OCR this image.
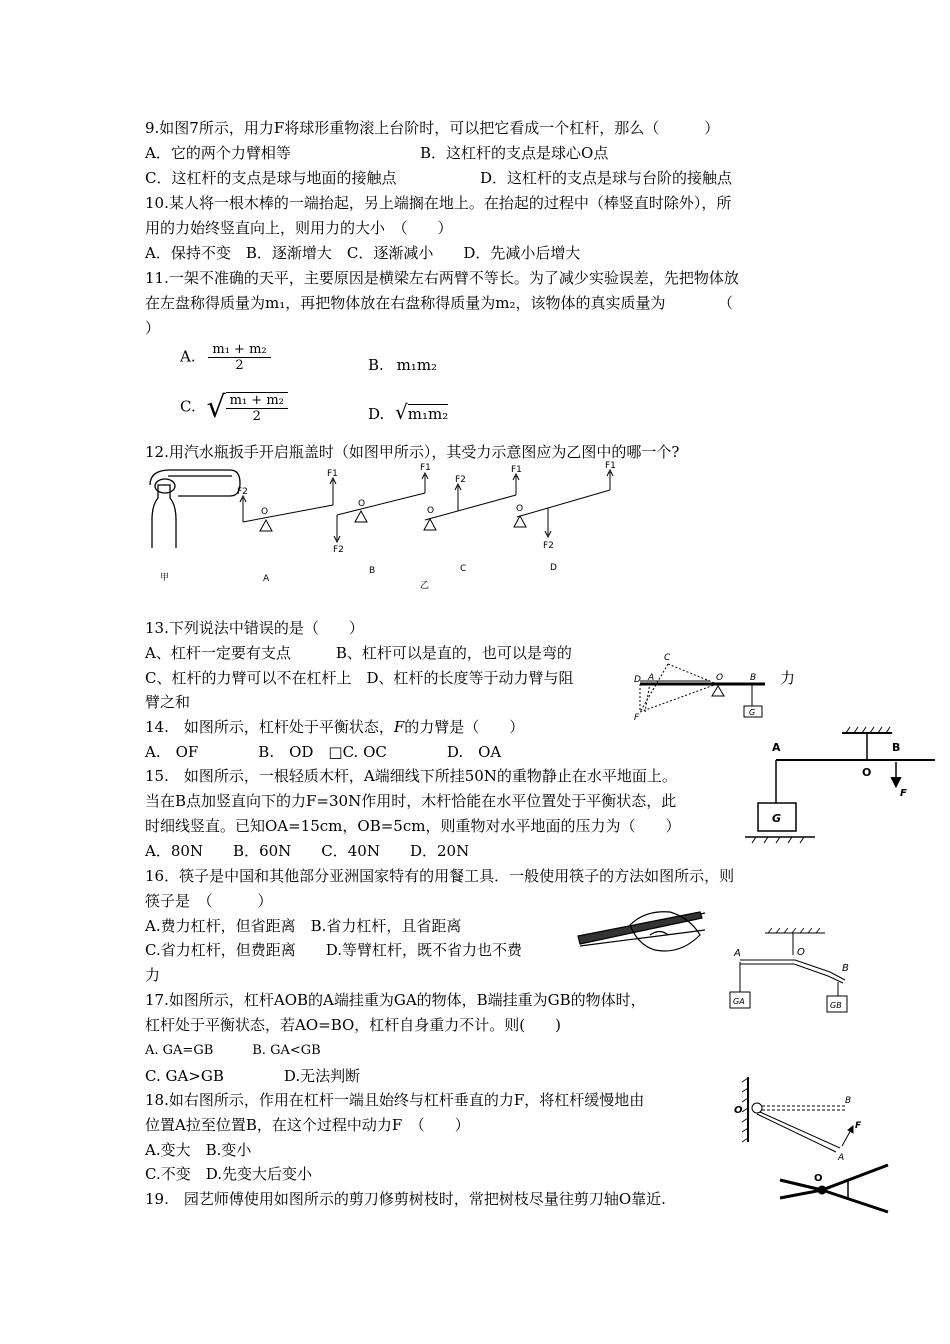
9.如图7所示，用力F将球形重物滚上台阶时，可以把它看成一个杠杆，那么（　　　）
A．它的两个力臂相等	B．这杠杆的支点是球心O点
C．这杠杆的支点是球与地面的接触点	D．这杠杆的支点是球与台阶的接触点
10.某人将一根木棒的一端抬起，另上端搁在地上。在抬起的过程中（棒竖直时除外），所
用的力始终竖直向上，则用力的大小　（　　）
A．保持不变　B．逐渐增大　C．逐渐减小　　D．先减小后增大
11.一架不准确的天平，主要原因是横梁左右两臂不等长。为了减少实验误差，先把物体放
在左盘称得质量为m₁，再把物体放在右盘称得质量为m₂，该物体的真实质量为　　　　（
）
A. $\frac{\text{m₁ + m₂}}{2}$	B. m₁m₂
C. √ $\frac{\text{m₁ + m₂}}{2}$	D. √m₁m₂
12.用汽水瓶扳手开启瓶盖时（如图甲所示），其受力示意图应为乙图中的哪一个?
甲
F2
F1
O
A
F2
F1
O
B
乙
F2
F1
O
C
F2
F1
O
D
C
D A	O	B
F
G
A
O
B
F
G
A	O
B
GA	GB
O
B
F
A
O
13.下列说法中错误的是（　　）
A、杠杆一定要有支点　　　B、杠杆可以是直的，也可以是弯的
C、杠杆的力臂可以不在杠杆上　D、杠杆的长度等于动力臂与阻	力
臂之和
14.　如图所示，杠杆处于平衡状态，F的力臂是（　　）
A.　OF　　　　B.　OD　□C. OC　　　　D.　OA
15.　如图所示，一根轻质木杆，A端细线下所挂50N的重物静止在水平地面上。
当在B点加竖直向下的力F=30N作用时，木杆恰能在水平位置处于平衡状态，此
时细线竖直。已知OA=15cm，OB=5cm，则重物对水平地面的压力为（　　）
A．80N　　B．60N　　C．40N　　D．20N
16．筷子是中国和其他部分亚洲国家特有的用餐工具．一般使用筷子的方法如图所示，则
筷子是　（　　　）
A.费力杠杆，但省距离　B.省力杠杆，且省距离
C.省力杠杆，但费距离　　D.等臂杠杆，既不省力也不费
力
17.如图所示，杠杆AOB的A端挂重为GA的物体，B端挂重为GB的物体时，
杠杆处于平衡状态，若AO=BO，杠杆自身重力不计。则(　　)
A. GA=GB　　　B. GA<GB
C. GA>GB　　　　D.无法判断
18.如右图所示，作用在杠杆一端且始终与杠杆垂直的力F，将杠杆缓慢地由
位置A拉至位置B，在这个过程中动力F　（　　）
A.变大　B.变小
C.不变　D.先变大后变小
19.　园艺师傅使用如图所示的剪刀修剪树枝时，常把树枝尽量往剪刀轴O靠近.
